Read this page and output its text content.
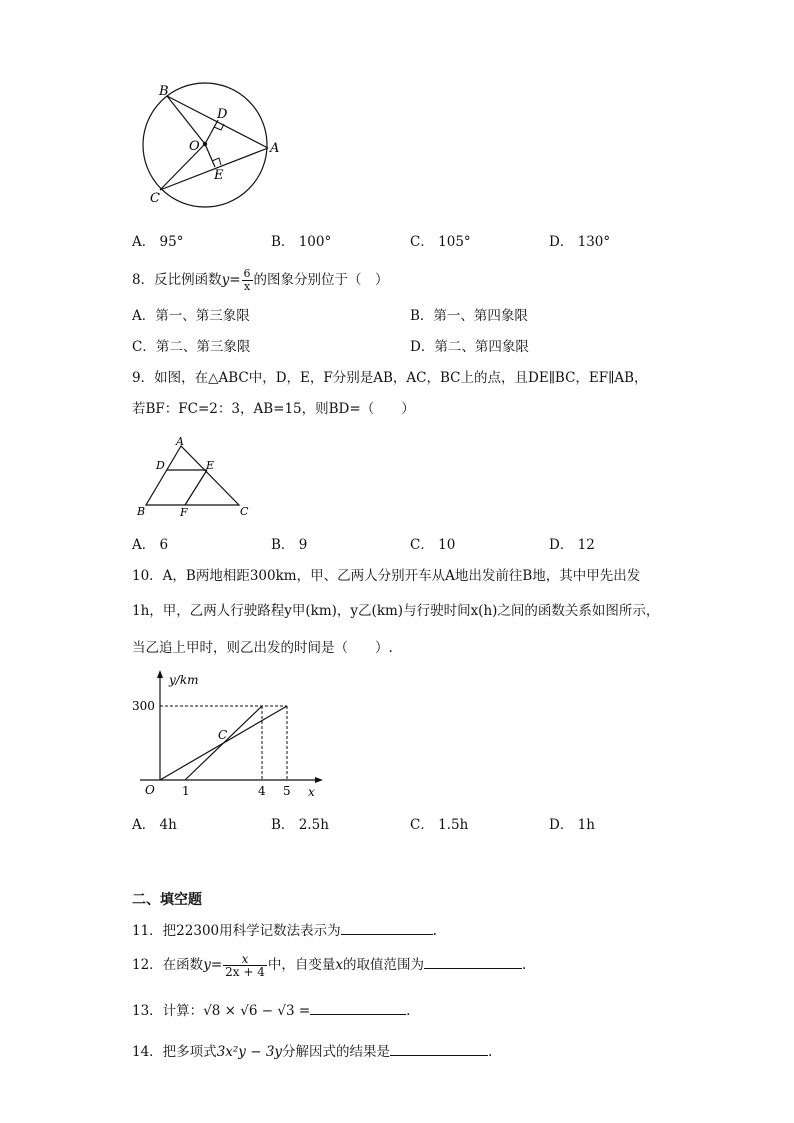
B
D
O	A
E
C
A． 95°	B． 100°	C． 105°	D． 130°
8．反比例函数$y= \frac{6}{x}$ 的图象分别位于（　）
A．第一、第三象限	B．第一、第四象限
C．第二、第三象限	D．第二、第四象限
9．如图，在△ABC中，D，E，F分别是AB，AC，BC上的点，且DE∥BC，EF∥AB，
若BF：FC=2：3，AB=15，则BD=（　　）
A
D	E
B	F	C
A． 6	B． 9	C． 10	D． 12
10．A，B两地相距300km，甲、乙两人分别开车从A地出发前往B地，其中甲先出发
1h，甲，乙两人行驶路程y甲(km)，y乙(km)与行驶时间x(h)之间的函数关系如图所示，
当乙追上甲时，则乙出发的时间是（　　）.
y/km
300
O 1	4 5 x
C
A． 4h	B． 2.5h	C． 1.5h	D． 1h
二、填空题
11．把22300用科学记数法表示为	.
12．在函数$y= \frac{x}{2x + 4}$ 中，自变量x的取值范围为	.
13．计算：√8 × √6 − √3 =	.
14．把多项式3x²y − 3y分解因式的结果是	.
